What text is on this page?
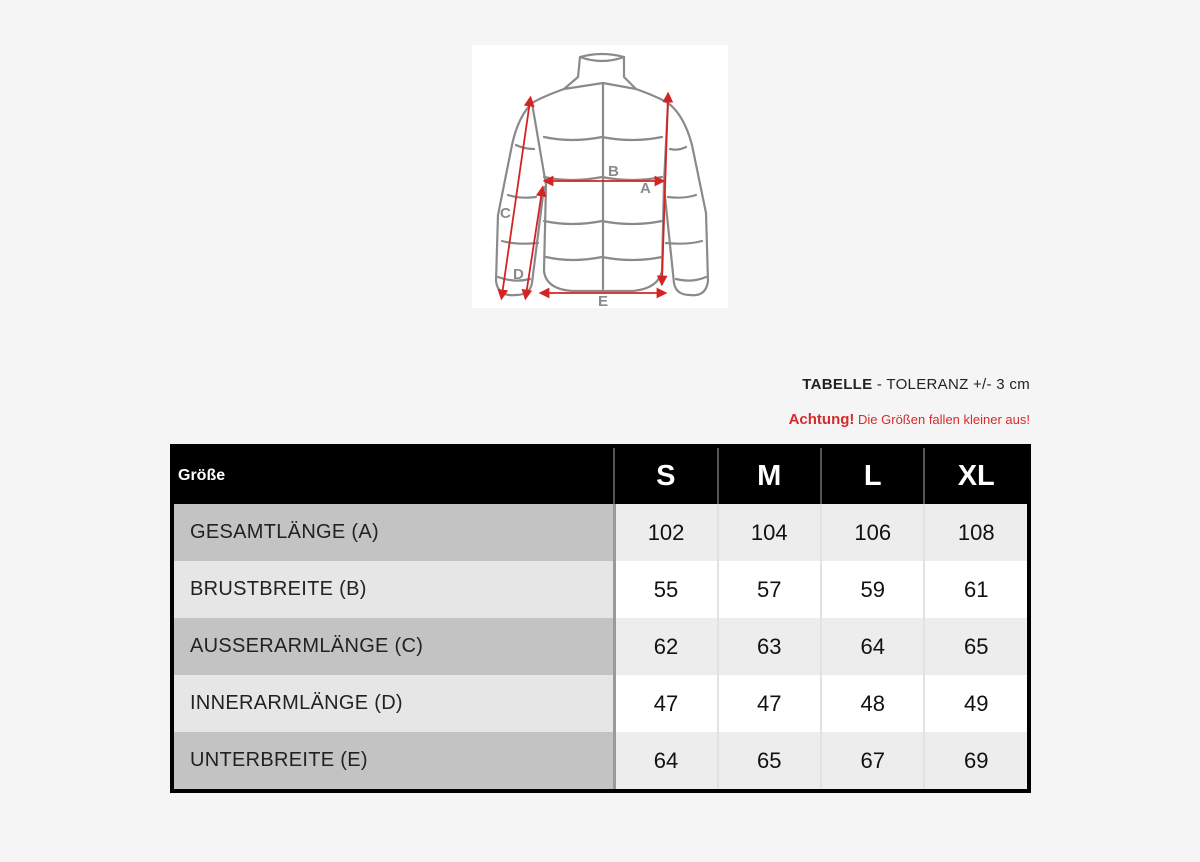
A
B
C
D
E
TABELLE - TOLERANZ +/- 3 cm
Achtung! Die Größen fallen kleiner aus!
Größe	S	M	L	XL
GESAMTLÄNGE (A)	102	104	106	108
BRUSTBREITE (B)	55	57	59	61
AUSSERARMLÄNGE (C)	62	63	64	65
INNERARMLÄNGE (D)	47	47	48	49
UNTERBREITE (E)	64	65	67	69
